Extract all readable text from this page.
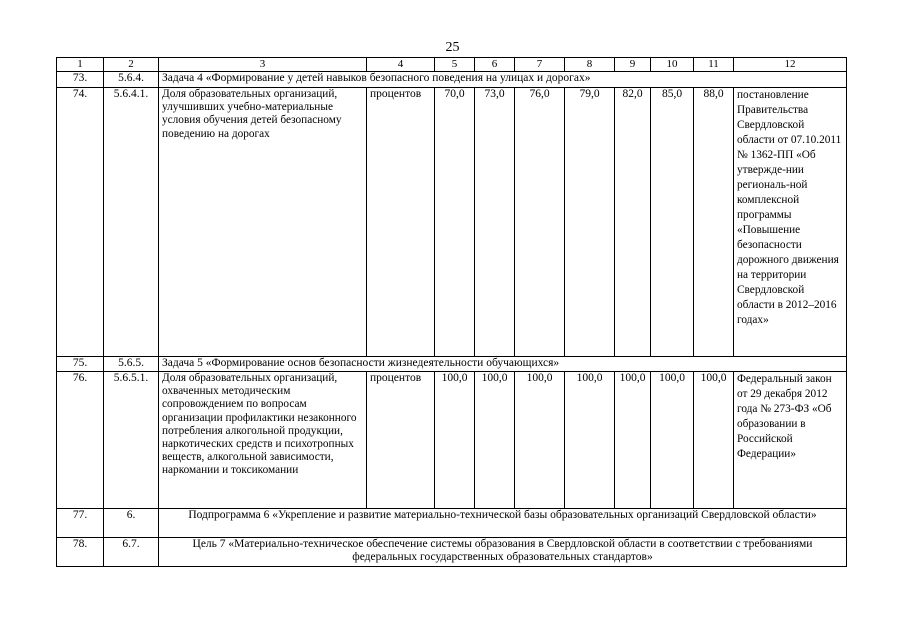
25
1	2	3	4	5	6	7	8	9	10	11	12
73.	5.6.4.	Задача 4 «Формирование у детей навыков безопасного поведения на улицах и дорогах»									
74.	5.6.4.1.	Доля образовательных организаций, улучшивших учебно-материальные условия обучения детей безопасному поведению на дорогах	процентов	70,0	73,0	76,0	79,0	82,0	85,0	88,0	постановление Правительства Свердловской области от 07.10.2011 № 1362-ПП «Об утвержде-нии региональ-ной комплексной программы «Повышение безопасности дорожного движения на территории Свердловской области в 2012–2016 годах»
75.	5.6.5.	Задача 5 «Формирование основ безопасности жизнедеятельности обучающихся»									
76.	5.6.5.1.	Доля образовательных организаций, охваченных методическим сопровождением по вопросам организации профилактики незаконного потребления алкогольной продукции, наркотических средств и психотропных веществ, алкогольной зависимости, наркомании и токсикомании	процентов	100,0	100,0	100,0	100,0	100,0	100,0	100,0	Федеральный закон от 29 декабря 2012 года № 273-ФЗ «Об образовании в Российской Федерации»
77.	6.	Подпрограмма 6 «Укрепление и развитие материально-технической базы образовательных организаций Свердловской области»									
78.	6.7.	Цель 7 «Материально-техническое обеспечение системы образования в Свердловской области в соответствии с требованиями федеральных государственных образовательных стандартов»									
